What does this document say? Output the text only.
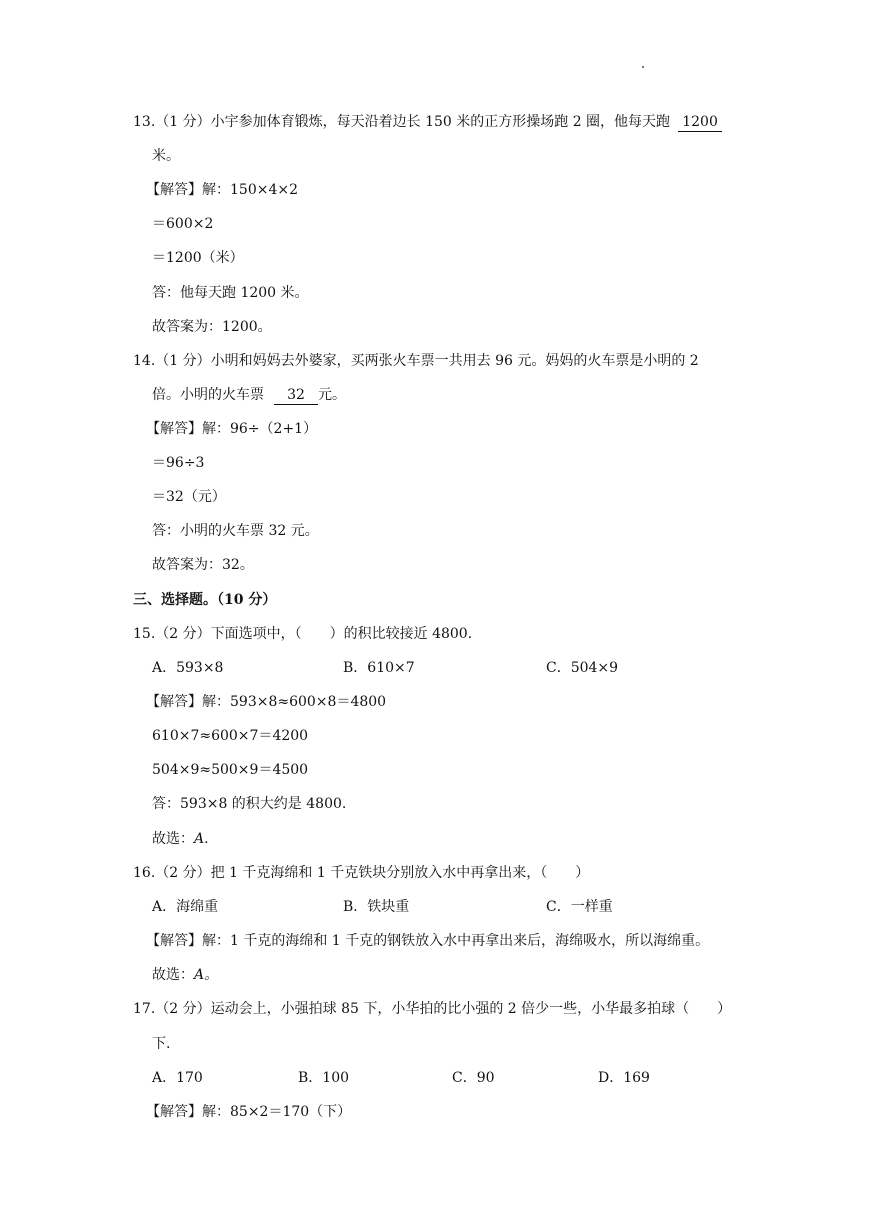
13.（1 分）小宇参加体育锻炼，每天沿着边长 150 米的正方形操场跑 2 圈，他每天跑 1200
米。
【解答】解：150×4×2
＝600×2
＝1200（米）
答：他每天跑 1200 米。
故答案为：1200。
14.（1 分）小明和妈妈去外婆家，买两张火车票一共用去 96 元。妈妈的火车票是小明的 2
倍。小明的火车票 32 元。
【解答】解：96÷（2+1）
＝96÷3
＝32（元）
答：小明的火车票 32 元。
故答案为：32。
三、选择题。（10 分）
15.（2 分）下面选项中，（　　）的积比较接近 4800.
A．593×8	B．610×7	C．504×9
【解答】解：593×8≈600×8＝4800
610×7≈600×7＝4200
504×9≈500×9＝4500
答：593×8 的积大约是 4800.
故选：A.
16.（2 分）把 1 千克海绵和 1 千克铁块分别放入水中再拿出来，（　　）
A．海绵重	B．铁块重	C．一样重
【解答】解：1 千克的海绵和 1 千克的钢铁放入水中再拿出来后，海绵吸水，所以海绵重。
故选：A。
17.（2 分）运动会上，小强拍球 85 下，小华拍的比小强的 2 倍少一些，小华最多拍球（　　）
下.
A．170	B．100	C．90	D．169
【解答】解：85×2＝170（下）
